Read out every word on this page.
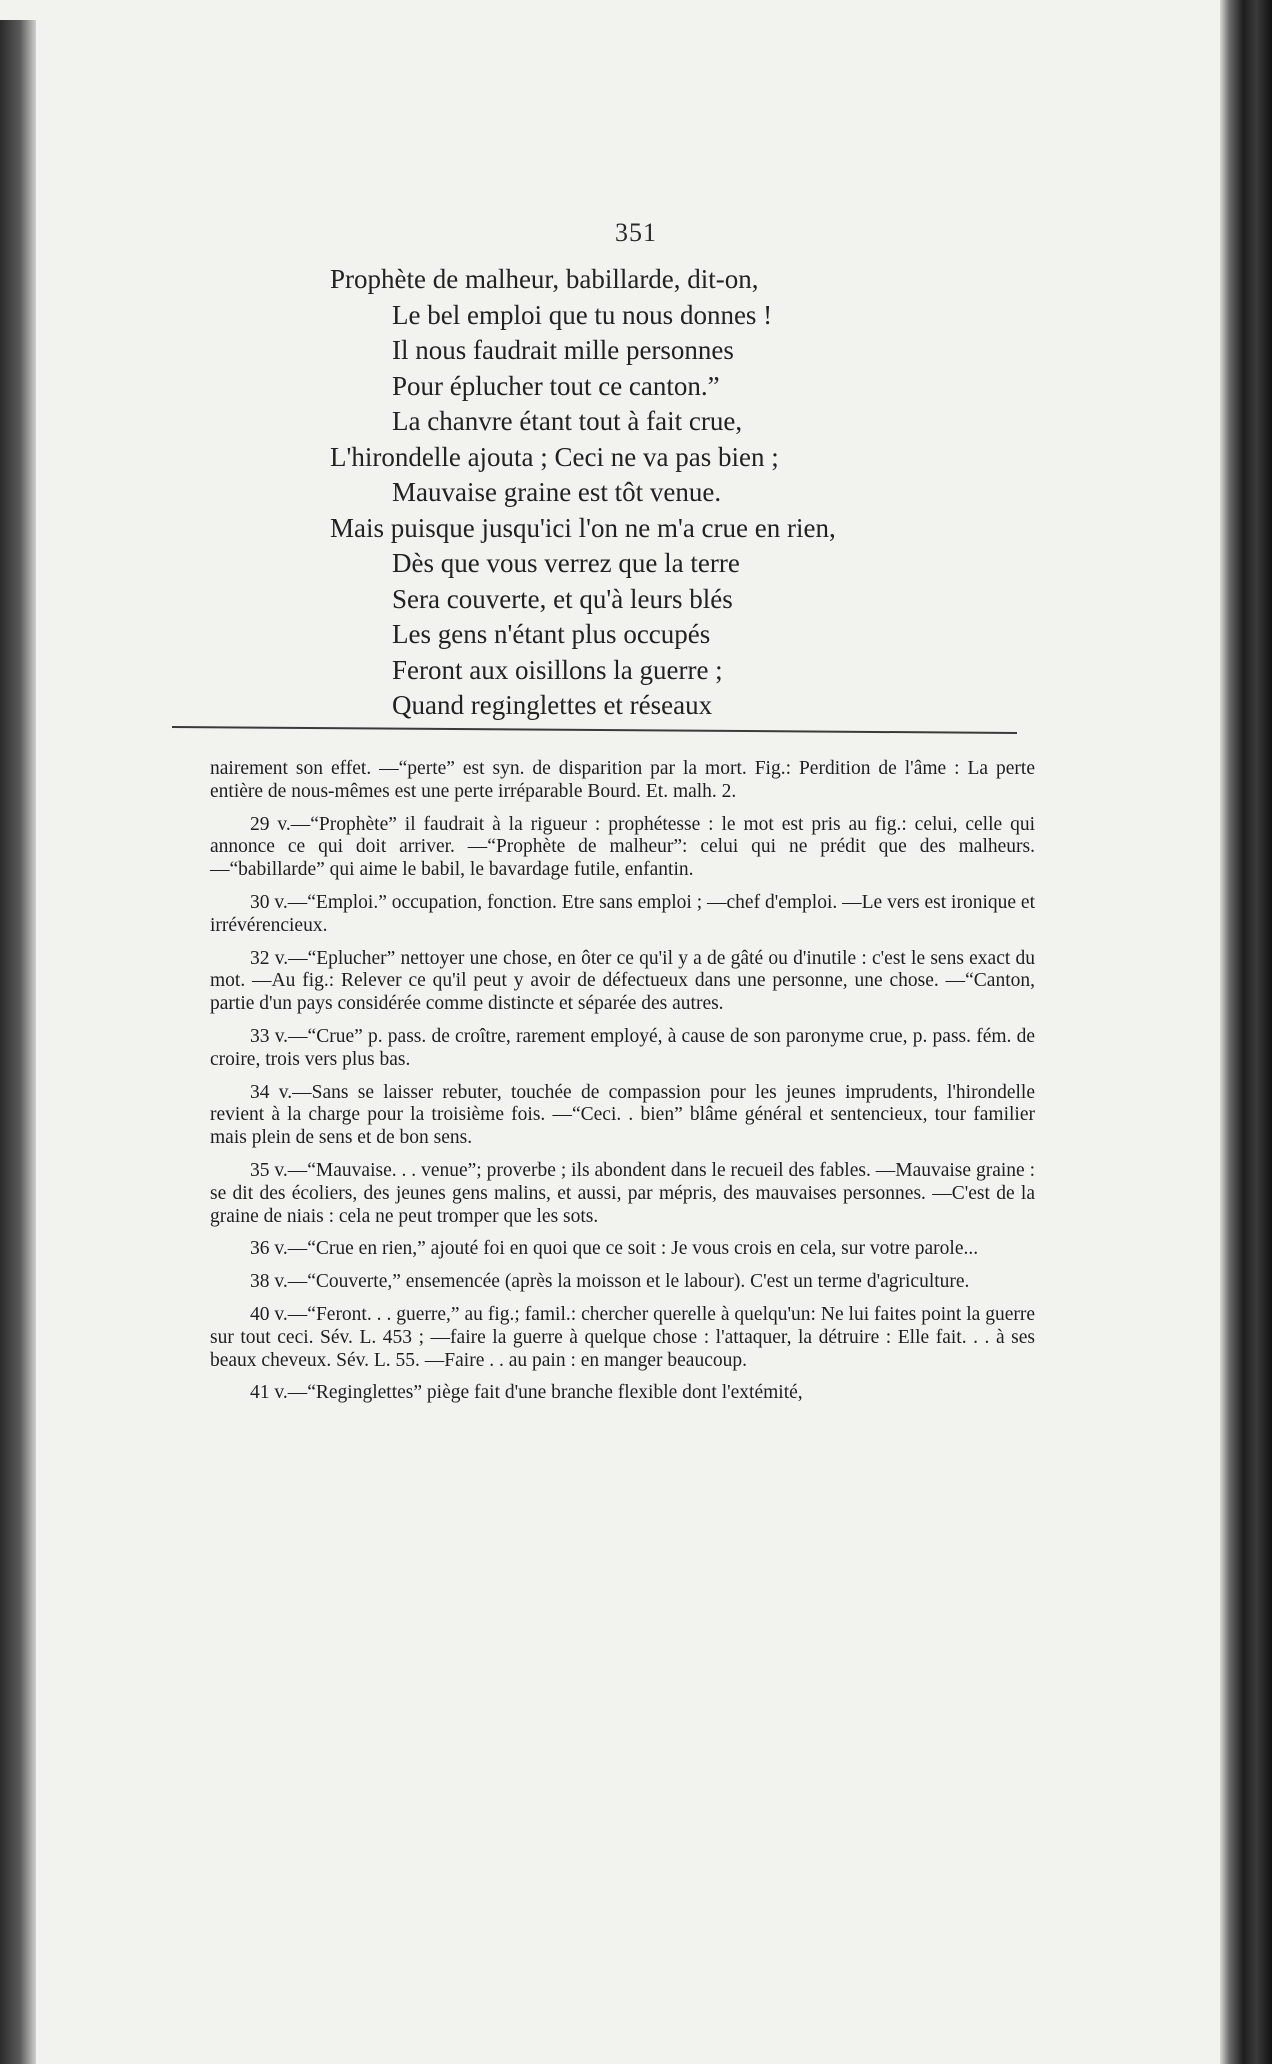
351
Prophète de malheur, babillarde, dit-on,
Le bel emploi que tu nous donnes !
Il nous faudrait mille personnes
Pour éplucher tout ce canton.”
La chanvre étant tout à fait crue,
L'hirondelle ajouta ; Ceci ne va pas bien ;
Mauvaise graine est tôt venue.
Mais puisque jusqu'ici l'on ne m'a crue en rien,
Dès que vous verrez que la terre
Sera couverte, et qu'à leurs blés
Les gens n'étant plus occupés
Feront aux oisillons la guerre ;
Quand reginglettes et réseaux

nairement son effet. —“perte” est syn. de disparition par la mort. Fig.: Perdition de l'âme : La perte entière de nous-mêmes est une perte irréparable Bourd. Et. malh. 2.

29 v.—“Prophète” il faudrait à la rigueur : prophétesse : le mot est pris au fig.: celui, celle qui annonce ce qui doit arriver. —“Prophète de malheur”: celui qui ne prédit que des malheurs. —“babillarde” qui aime le babil, le bavardage futile, enfantin.

30 v.—“Emploi.” occupation, fonction. Etre sans emploi ; —chef d'emploi. —Le vers est ironique et irrévérencieux.

32 v.—“Eplucher” nettoyer une chose, en ôter ce qu'il y a de gâté ou d'inutile : c'est le sens exact du mot. —Au fig.: Relever ce qu'il peut y avoir de défectueux dans une personne, une chose. —“Canton, partie d'un pays considérée comme distincte et séparée des autres.

33 v.—“Crue” p. pass. de croître, rarement employé, à cause de son paronyme crue, p. pass. fém. de croire, trois vers plus bas.

34 v.—Sans se laisser rebuter, touchée de compassion pour les jeunes imprudents, l'hirondelle revient à la charge pour la troisième fois. —“Ceci. . bien” blâme général et sentencieux, tour familier mais plein de sens et de bon sens.

35 v.—“Mauvaise. . . venue”; proverbe ; ils abondent dans le recueil des fables. —Mauvaise graine : se dit des écoliers, des jeunes gens malins, et aussi, par mépris, des mauvaises personnes. —C'est de la graine de niais : cela ne peut tromper que les sots.

36 v.—“Crue en rien,” ajouté foi en quoi que ce soit : Je vous crois en cela, sur votre parole...

38 v.—“Couverte,” ensemencée (après la moisson et le labour). C'est un terme d'agriculture.

40 v.—“Feront. . . guerre,” au fig.; famil.: chercher querelle à quelqu'un: Ne lui faites point la guerre sur tout ceci. Sév. L. 453 ; —faire la guerre à quelque chose : l'attaquer, la détruire : Elle fait. . . à ses beaux cheveux. Sév. L. 55. —Faire . . au pain : en manger beaucoup.

41 v.—“Reginglettes” piège fait d'une branche flexible dont l'extémité,
